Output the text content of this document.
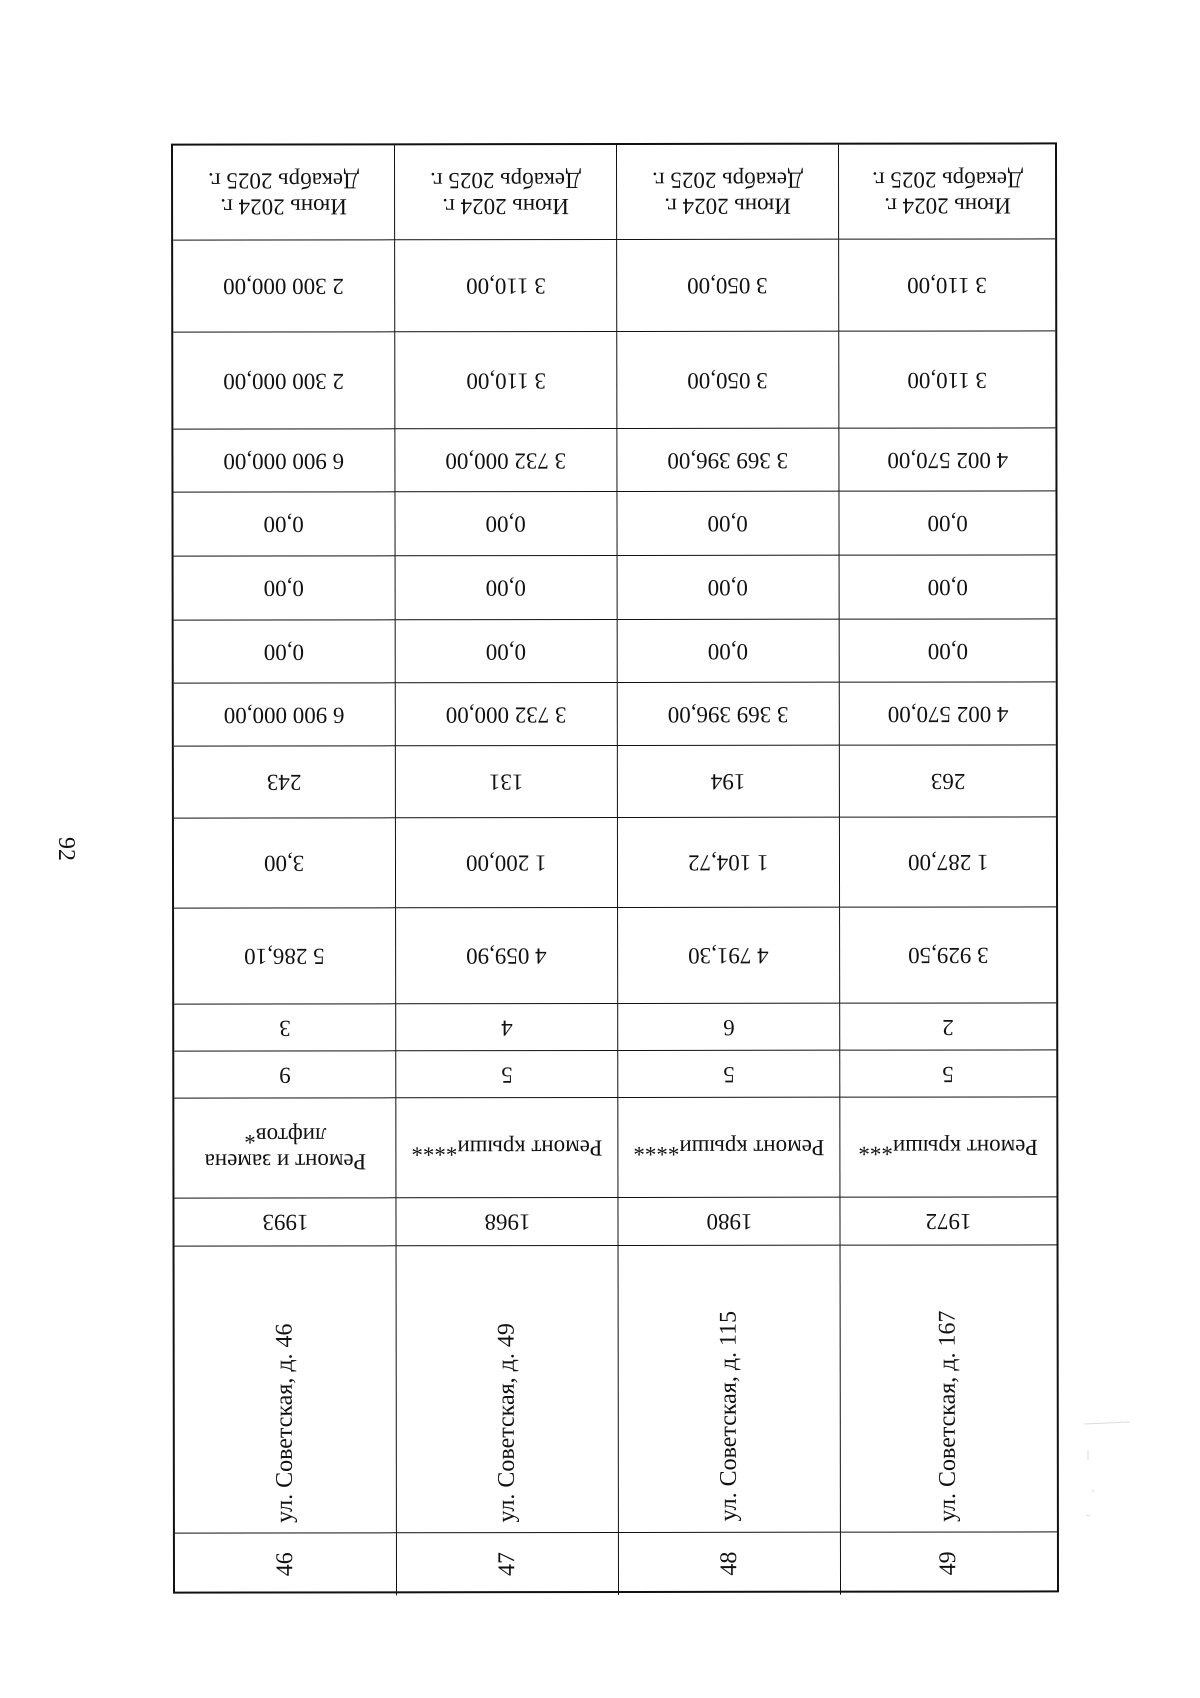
92
Июнь 2024 г.
Декабрь 2025 г.
2 300 000,00
2 300 000,00
6 900 000,00
0,00
0,00
0,00
6 900 000,00
243
3,00
5 286,10
3
9
Ремонт и замена лифтов*
1993
ул. Советская, д. 46
46
Июнь 2024 г.
Декабрь 2025 г.
3 110,00
3 110,00
3 732 000,00
0,00
0,00
0,00
3 732 000,00
131
1 200,00
4 059,90
4
5
Ремонт крыши****
1968
ул. Советская, д. 49
47
Июнь 2024 г.
Декабрь 2025 г.
3 050,00
3 050,00
3 369 396,00
0,00
0,00
0,00
3 369 396,00
194
1 104,72
4 791,30
6
5
Ремонт крыши****
1980
ул. Советская, д. 115
48
Июнь 2024 г.
Декабрь 2025 г.
3 110,00
3 110,00
4 002 570,00
0,00
0,00
0,00
4 002 570,00
263
1 287,00
3 929,50
2
5
Ремонт крыши***
1972
ул. Советская, д. 167
49
